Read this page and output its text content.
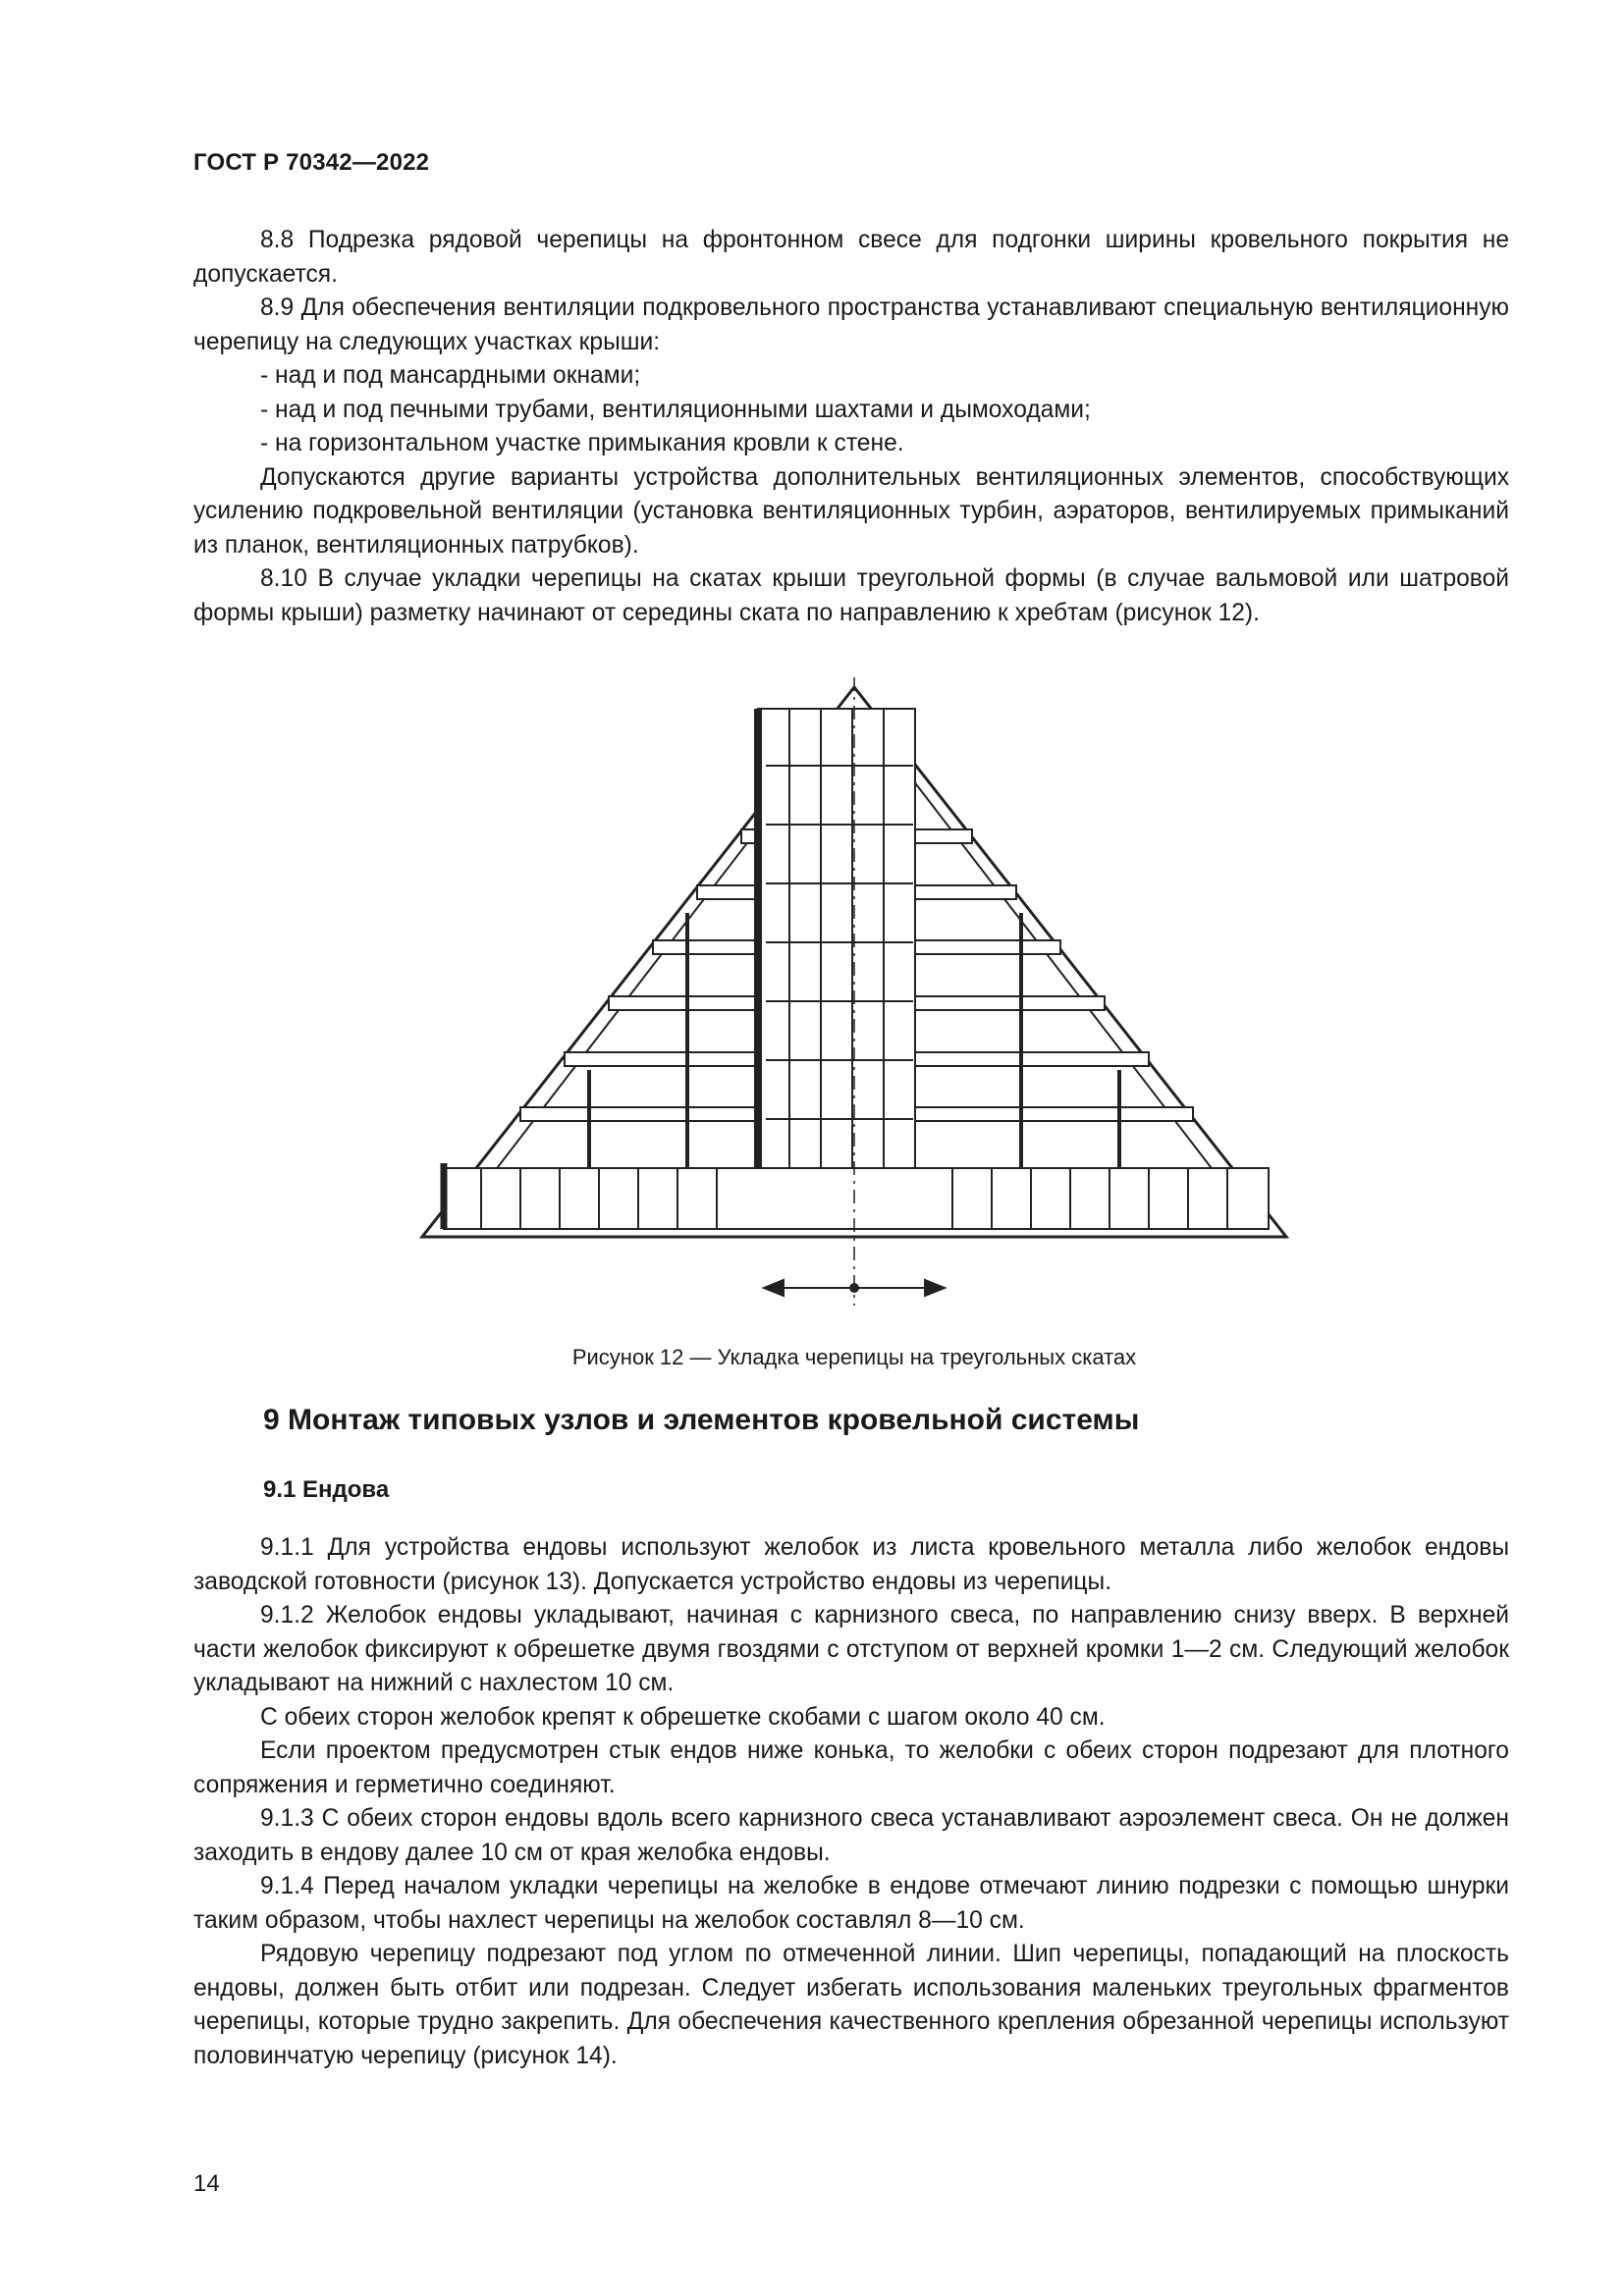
ГОСТ Р 70342—2022

8.8 Подрезка рядовой черепицы на фронтонном свесе для подгонки ширины кровельного покрытия не допускается.

8.9 Для обеспечения вентиляции подкровельного пространства устанавливают специальную вентиляционную черепицу на следующих участках крыши:

- над и под мансардными окнами;

- над и под печными трубами, вентиляционными шахтами и дымоходами;

- на горизонтальном участке примыкания кровли к стене.

Допускаются другие варианты устройства дополнительных вентиляционных элементов, способствующих усилению подкровельной вентиляции (установка вентиляционных турбин, аэраторов, вентилируемых примыканий из планок, вентиляционных патрубков).

8.10 В случае укладки черепицы на скатах крыши треугольной формы (в случае вальмовой или шатровой формы крыши) разметку начинают от середины ската по направлению к хребтам (рисунок 12).

Рисунок 12 — Укладка черепицы на треугольных скатах
9 Монтаж типовых узлов и элементов кровельной системы
9.1 Ендова

9.1.1 Для устройства ендовы используют желобок из листа кровельного металла либо желобок ендовы заводской готовности (рисунок 13). Допускается устройство ендовы из черепицы.

9.1.2 Желобок ендовы укладывают, начиная с карнизного свеса, по направлению снизу вверх. В верхней части желобок фиксируют к обрешетке двумя гвоздями с отступом от верхней кромки 1—2 см. Следующий желобок укладывают на нижний с нахлестом 10 см.

С обеих сторон желобок крепят к обрешетке скобами с шагом около 40 см.

Если проектом предусмотрен стык ендов ниже конька, то желобки с обеих сторон подрезают для плотного сопряжения и герметично соединяют.

9.1.3 С обеих сторон ендовы вдоль всего карнизного свеса устанавливают аэроэлемент свеса. Он не должен заходить в ендову далее 10 см от края желобка ендовы.

9.1.4 Перед началом укладки черепицы на желобке в ендове отмечают линию подрезки с помощью шнурки таким образом, чтобы нахлест черепицы на желобок составлял 8—10 см.

Рядовую черепицу подрезают под углом по отмеченной линии. Шип черепицы, попадающий на плоскость ендовы, должен быть отбит или подрезан. Следует избегать использования маленьких треугольных фрагментов черепицы, которые трудно закрепить. Для обеспечения качественного крепления обрезанной черепицы используют половинчатую черепицу (рисунок 14).

14
